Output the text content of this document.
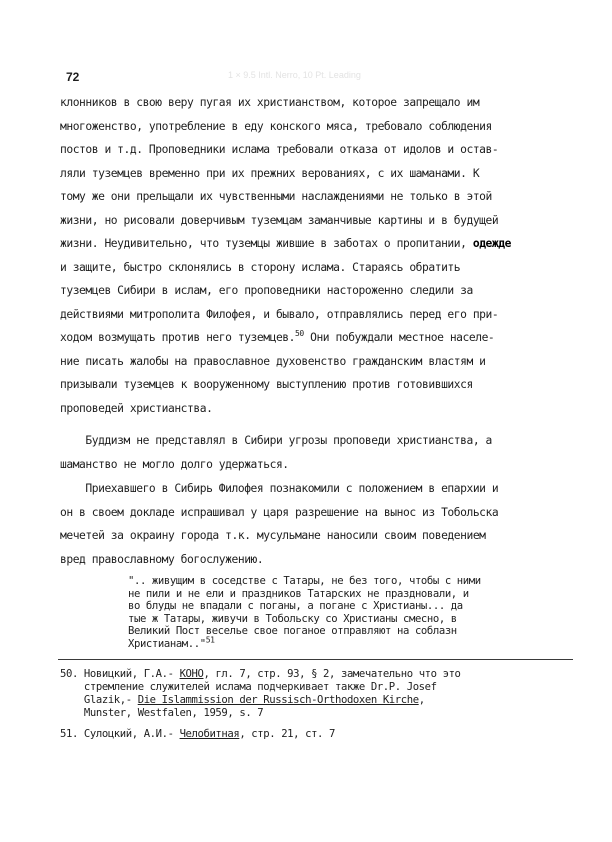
72	1 × 9.5 Intl. Nerro, 10 Pt. Leading
клонников в свою веру пугая их христианством, которое запрещало им
многоженство, употребление в еду конского мяса, требовало соблюдения
постов и т.д. Проповедники ислама требовали отказа от идолов и остав-
ляли туземцев временно при их прежних верованиях, с их шаманами. К
тому же они прельщали их чувственными наслаждениями не только в этой
жизни, но рисовали доверчивым туземцам заманчивые картины и в будущей
жизни. Неудивительно, что туземцы жившие в заботах о пропитании, одежде
и защите, быстро склонялись в сторону ислама. Стараясь обратить
туземцев Сибири в ислам, его проповедники настороженно следили за
действиями митрополита Филофея, и бывало, отправлялись перед его при-
ходом возмущать против него туземцев.$^{50}$ Они побуждали местное населе-
ние писать жалобы на православное духовенство гражданским властям и
призывали туземцев к вооруженному выступлению против готовившихся
проповедей христианства.
Буддизм не представлял в Сибири угрозы проповеди христианства, а
шаманство не могло долго удержаться.
Приехавшего в Сибирь Филофея познакомили с положением в епархии и
он в своем докладе испрашивал у царя разрешение на вынос из Тобольска
мечетей за окраину города т.к. мусульмане наносили своим поведением
вред православному богослужению.
".. живущим в соседстве с Татары, не без того, чтобы с ними
не пили и не ели и праздников Татарских не праздновали, и
во блуды не впадали с поганы, а погане с Христианы... да
тые ж Татары, живучи в Тобольску со Христианы смесно, в
Великий Пост веселье свое поганое отправляют на соблазн
Христианам.."$^{51}$
50. Новицкий, Г.А.- КОНО, гл. 7, стр. 93, § 2, замечательно что это
стремление служителей ислама подчеркивает также Dr.P. Josef
Glazik,- Die Islammission der Russisch-Orthodoxen Kirche,
Munster, Westfalen, 1959, s. 7
51. Сулоцкий, А.И.- Челобитная, стр. 21, ст. 7
